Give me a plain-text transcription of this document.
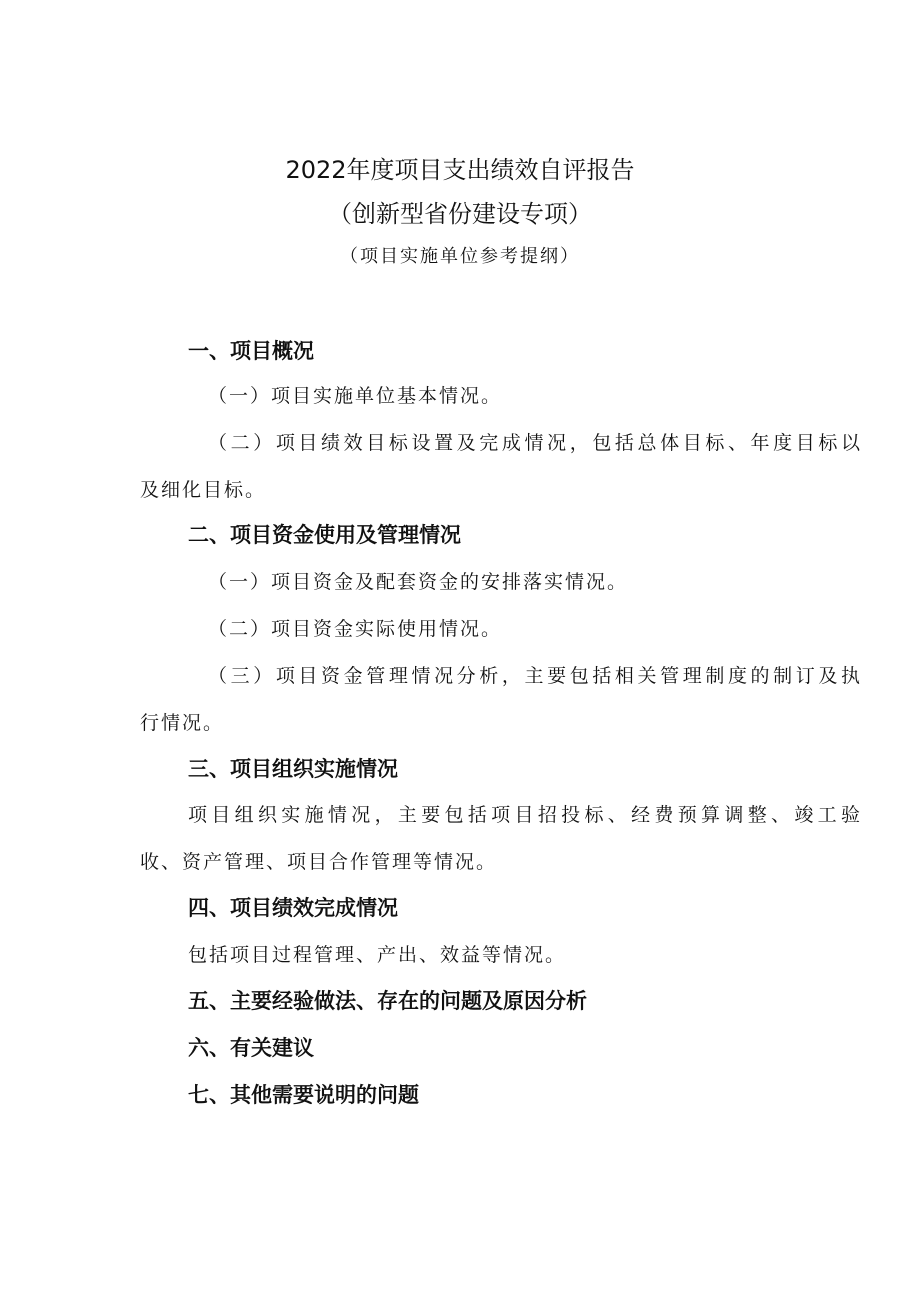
2022年度项目支出绩效自评报告
（创新型省份建设专项）
（项目实施单位参考提纲）
一、项目概况
（一）项目实施单位基本情况。
（二）项目绩效目标设置及完成情况，包括总体目标、年度目标以
及细化目标。
二、项目资金使用及管理情况
（一）项目资金及配套资金的安排落实情况。
（二）项目资金实际使用情况。
（三）项目资金管理情况分析，主要包括相关管理制度的制订及执
行情况。
三、项目组织实施情况
项目组织实施情况，主要包括项目招投标、经费预算调整、竣工验
收、资产管理、项目合作管理等情况。
四、项目绩效完成情况
包括项目过程管理、产出、效益等情况。
五、主要经验做法、存在的问题及原因分析
六、有关建议
七、其他需要说明的问题
